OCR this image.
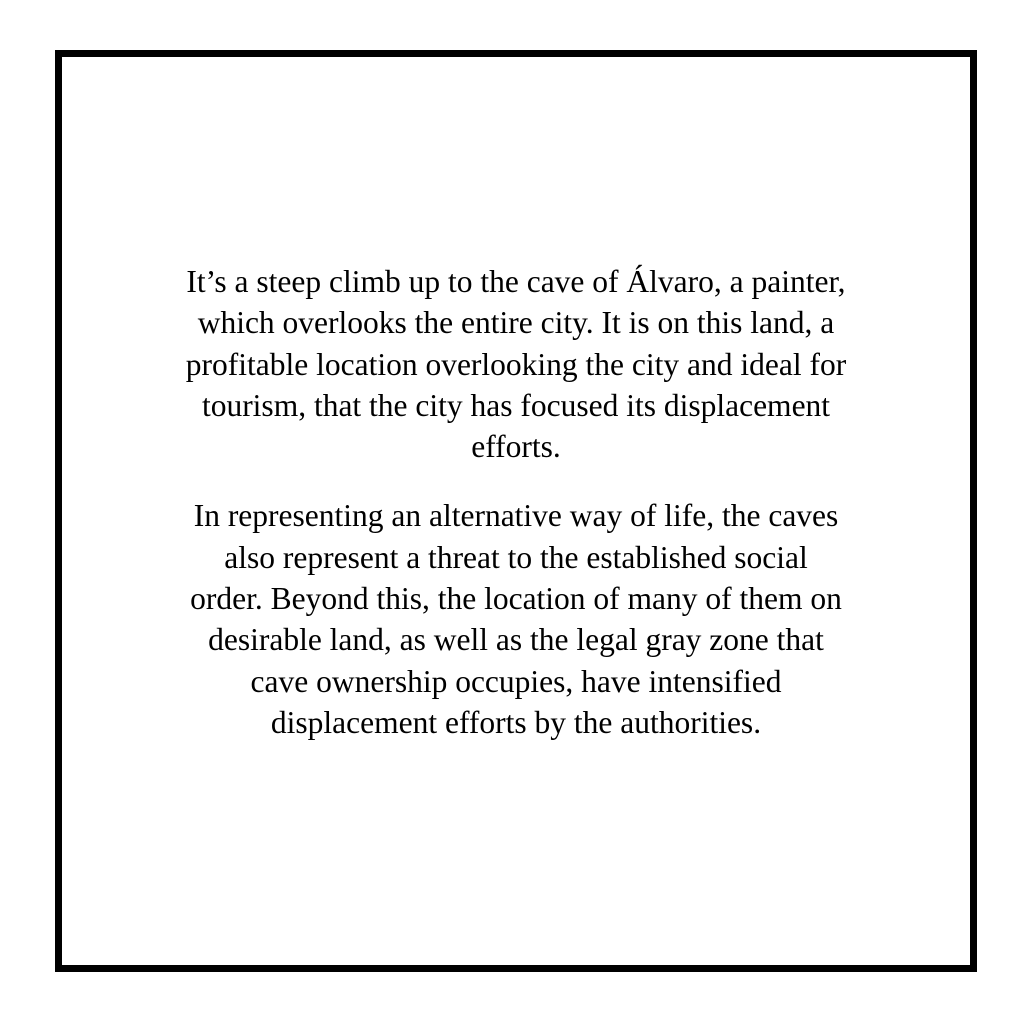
It’s a steep climb up to the cave of Álvaro, a painter,
which overlooks the entire city. It is on this land, a
profitable location overlooking the city and ideal for
tourism, that the city has focused its displacement
efforts.

In representing an alternative way of life, the caves
also represent a threat to the established social
order. Beyond this, the location of many of them on
desirable land, as well as the legal gray zone that
cave ownership occupies, have intensified
displacement efforts by the authorities.
